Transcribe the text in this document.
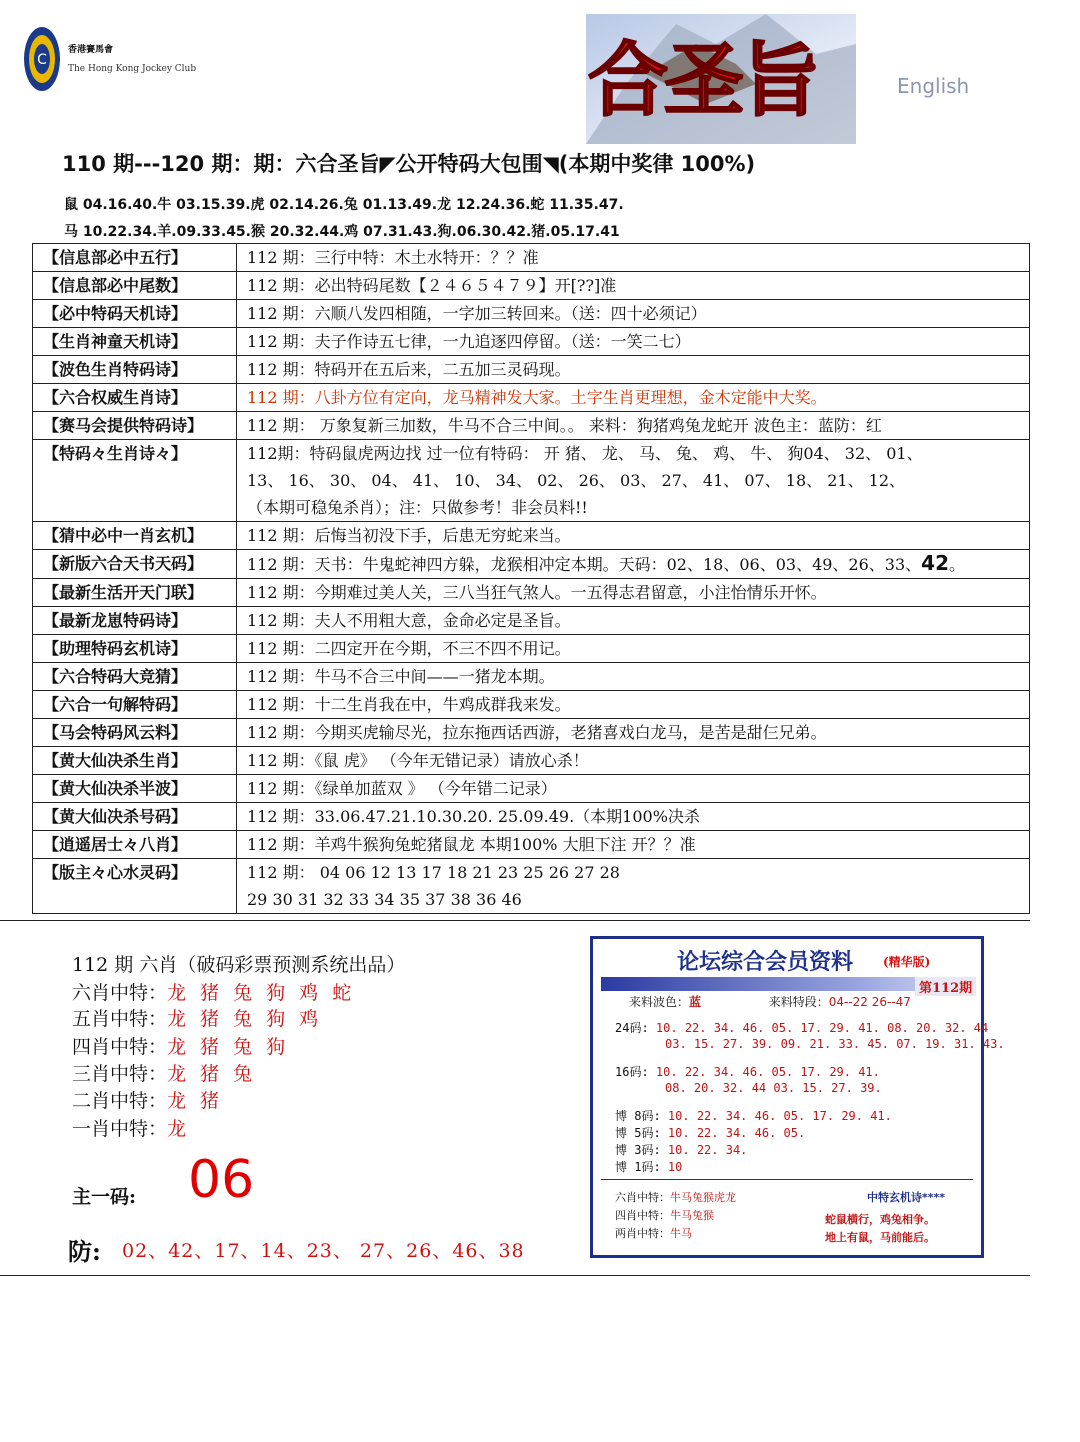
C
香港賽馬會
The Hong Kong Jockey Club	合圣旨	English
110 期---120 期：期：六合圣旨◤公开特码大包围◥(本期中奖律 100%)
鼠 04.16.40.牛 03.15.39.虎 02.14.26.兔 01.13.49.龙 12.24.36.蛇 11.35.47.
马 10.22.34.羊.09.33.45.猴 20.32.44.鸡 07.31.43.狗.06.30.42.猪.05.17.41
【信息部必中五行】	112 期：三行中特：木土水特开：？？准
【信息部必中尾数】	112 期：必出特码尾数【２４６５４７９】开[??]准
【必中特码天机诗】	112 期：六顺八发四相随，一字加三转回来。（送：四十必须记）
【生肖神童天机诗】	112 期：夫子作诗五七律，一九追逐四停留。（送：一笑二七）
【波色生肖特码诗】	112 期：特码开在五后来，二五加三灵码现。
【六合权威生肖诗】	112 期：八卦方位有定向，龙马精神发大家。土字生肖更理想，金木定能中大奖。
【赛马会提供特码诗】	112 期： 万象复新三加数，牛马不合三中间。。 来料：狗猪鸡兔龙蛇开 波色主：蓝防：红
【特码々生肖诗々】	112期：特码鼠虎两边找 过一位有特码： 开 猪、 龙、 马、 兔、 鸡、 牛、 狗04、 32、 01、
13、 16、 30、 04、 41、 10、 34、 02、 26、 03、 27、 41、 07、 18、 21、 12、
（本期可稳兔杀肖）；注：只做参考！非会员料!!

【猜中必中一肖玄机】	112 期：后悔当初没下手，后患无穷蛇来当。
【新版六合天书天码】	112 期：天书：牛鬼蛇神四方躲，龙猴相冲定本期。天码：02、18、06、03、49、26、33、42。
【最新生活开天门联】	112 期：今期难过美人关，三八当狂气煞人。一五得志君留意，小注怡情乐开怀。
【最新龙崽特码诗】	112 期：夫人不用粗大意，金命必定是圣旨。
【助理特码玄机诗】	112 期：二四定开在今期，不三不四不用记。
【六合特码大竞猜】	112 期：牛马不合三中间——一猪龙本期。
【六合一句解特码】	112 期：十二生肖我在中，牛鸡成群我来发。
【马会特码风云料】	112 期：今期买虎输尽光，拉东拖西话西游，老猪喜戏白龙马，是苦是甜仨兄弟。
【黄大仙决杀生肖】	112 期：《鼠 虎》 （今年无错记录）请放心杀！
【黄大仙决杀半波】	112 期：《绿单加蓝双 》 （今年错二记录）
【黄大仙决杀号码】	112 期：33.06.47.21.10.30.20. 25.09.49.（本期100%决杀
【逍遥居士々八肖】	112 期：羊鸡牛猴狗兔蛇猪鼠龙 本期100% 大胆下注 开？？准
【版主々心水灵码】	112 期： 04 06 12 13 17 18 21 23 25 26 27 28
29 30 31 32 33 34 35 37 38 36 46
112 期 六肖（破码彩票预测系统出品）
六肖中特：龙 猪 兔 狗 鸡 蛇
五肖中特：龙 猪 兔 狗 鸡
四肖中特：龙 猪 兔 狗
三肖中特：龙 猪 兔
二肖中特：龙 猪
一肖中特：龙
主一码: 06
防: 02、42、17、14、23、 27、26、46、38
论坛综合会员资料 (精华版)
第112期
来料波色：蓝	来料特段：04--22 26--47
24码: 10. 22. 34. 46. 05. 17. 29. 41. 08. 20. 32. 44
03. 15. 27. 39. 09. 21. 33. 45. 07. 19. 31. 43.
16码: 10. 22. 34. 46. 05. 17. 29. 41.
08. 20. 32. 44 03. 15. 27. 39.
博 8码: 10. 22. 34. 46. 05. 17. 29. 41.
博 5码: 10. 22. 34. 46. 05.
博 3码: 10. 22. 34.
博 1码: 10
六肖中特：牛马兔猴虎龙
四肖中特：牛马兔猴
两肖中特：牛马
中特玄机诗****
蛇鼠横行，鸡兔相争。
地上有鼠，马前能后。
